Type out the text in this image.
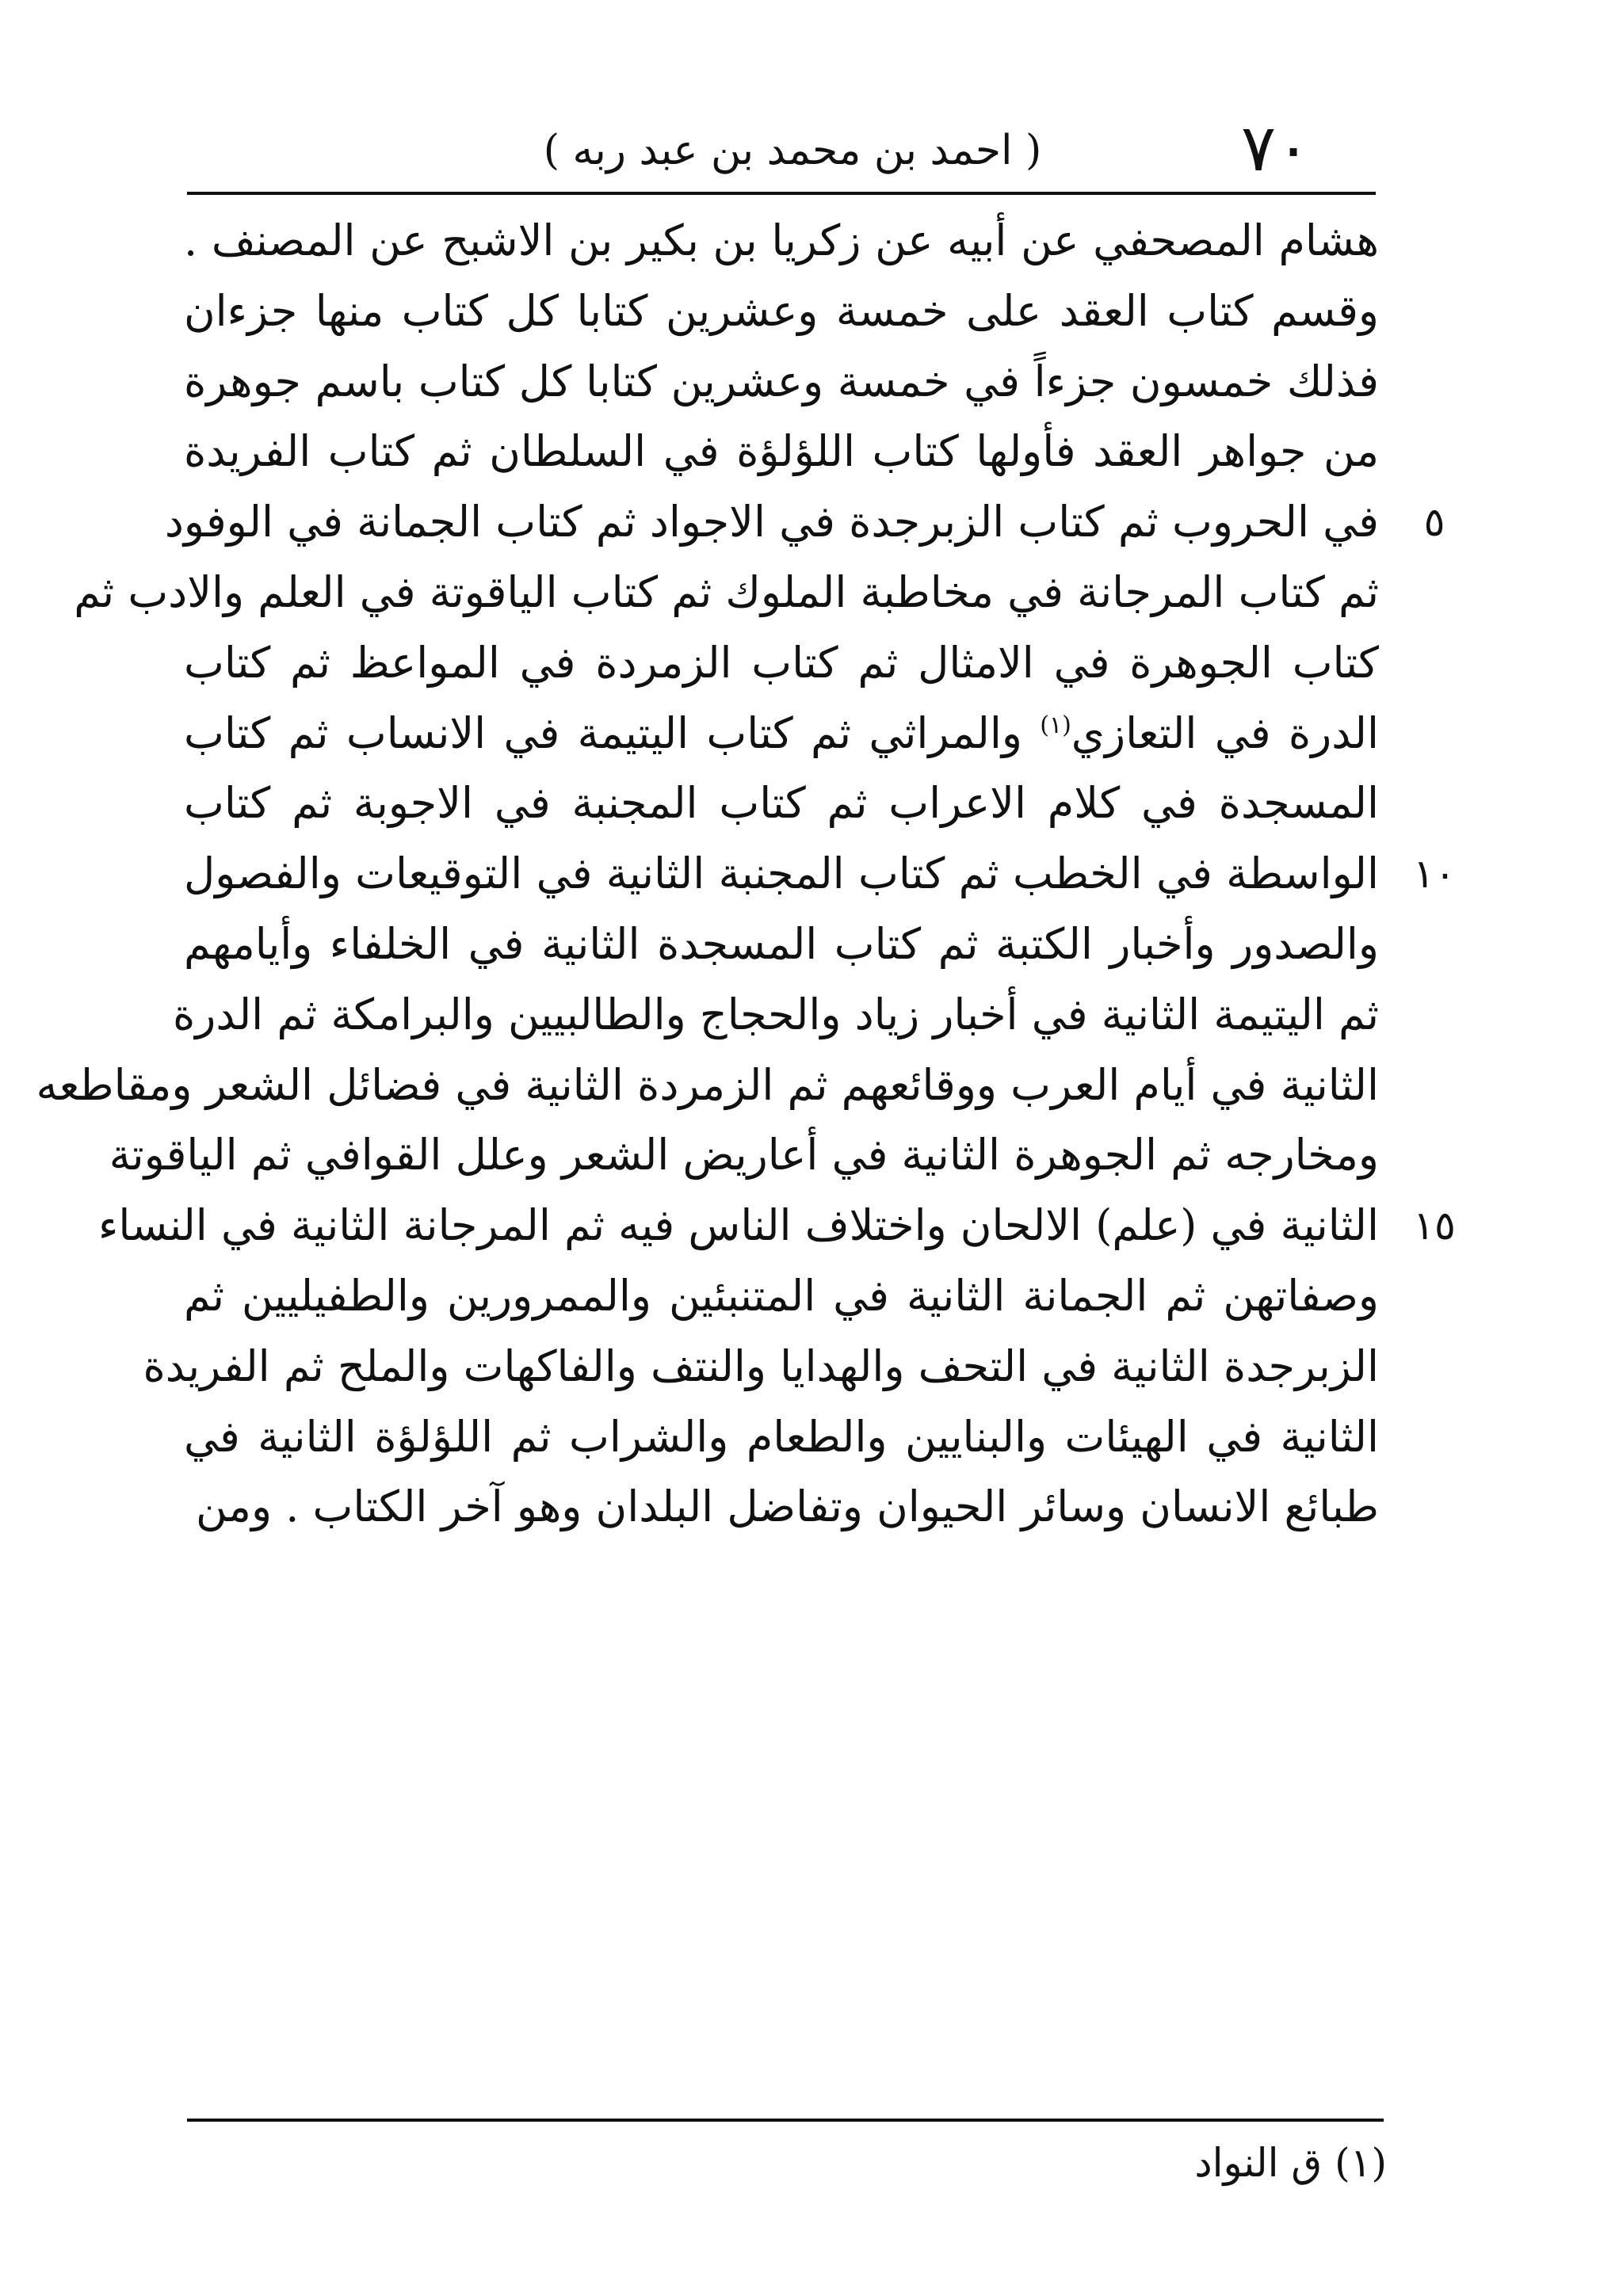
( احمد بن محمد بن عبد ربه )	٧٠
هشام المصحفي عن أبيه عن زكريا بن بكير بن الاشبح عن المصنف .
وقسم كتاب العقد على خمسة وعشرين كتابا كل كتاب منها جزءان
فذلك خمسون جزءاً في خمسة وعشرين كتابا كل كتاب باسم جوهرة
من جواهر العقد فأولها كتاب اللؤلؤة في السلطان ثم كتاب الفريدة
في الحروب ثم كتاب الزبرجدة في الاجواد ثم كتاب الجمانة في الوفود
ثم كتاب المرجانة في مخاطبة الملوك ثم كتاب الياقوتة في العلم والادب ثم
كتاب الجوهرة في الامثال ثم كتاب الزمردة في المواعظ ثم كتاب
الدرة في التعازي$^{(١)}$ والمراثي ثم كتاب اليتيمة في الانساب ثم كتاب
المسجدة في كلام الاعراب ثم كتاب المجنبة في الاجوبة ثم كتاب
الواسطة في الخطب ثم كتاب المجنبة الثانية في التوقيعات والفصول
والصدور وأخبار الكتبة ثم كتاب المسجدة الثانية في الخلفاء وأيامهم
ثم اليتيمة الثانية في أخبار زياد والحجاج والطالبيين والبرامكة ثم الدرة
الثانية في أيام العرب ووقائعهم ثم الزمردة الثانية في فضائل الشعر ومقاطعه
ومخارجه ثم الجوهرة الثانية في أعاريض الشعر وعلل القوافي ثم الياقوتة
الثانية في (علم) الالحان واختلاف الناس فيه ثم المرجانة الثانية في النساء
وصفاتهن ثم الجمانة الثانية في المتنبئين والممرورين والطفيليين ثم
الزبرجدة الثانية في التحف والهدايا والنتف والفاكهات والملح ثم الفريدة
الثانية في الهيئات والبنايين والطعام والشراب ثم اللؤلؤة الثانية في
طبائع الانسان وسائر الحيوان وتفاضل البلدان وهو آخر الكتاب . ومن
٥
١٠
١٥
(١) ق النواد
